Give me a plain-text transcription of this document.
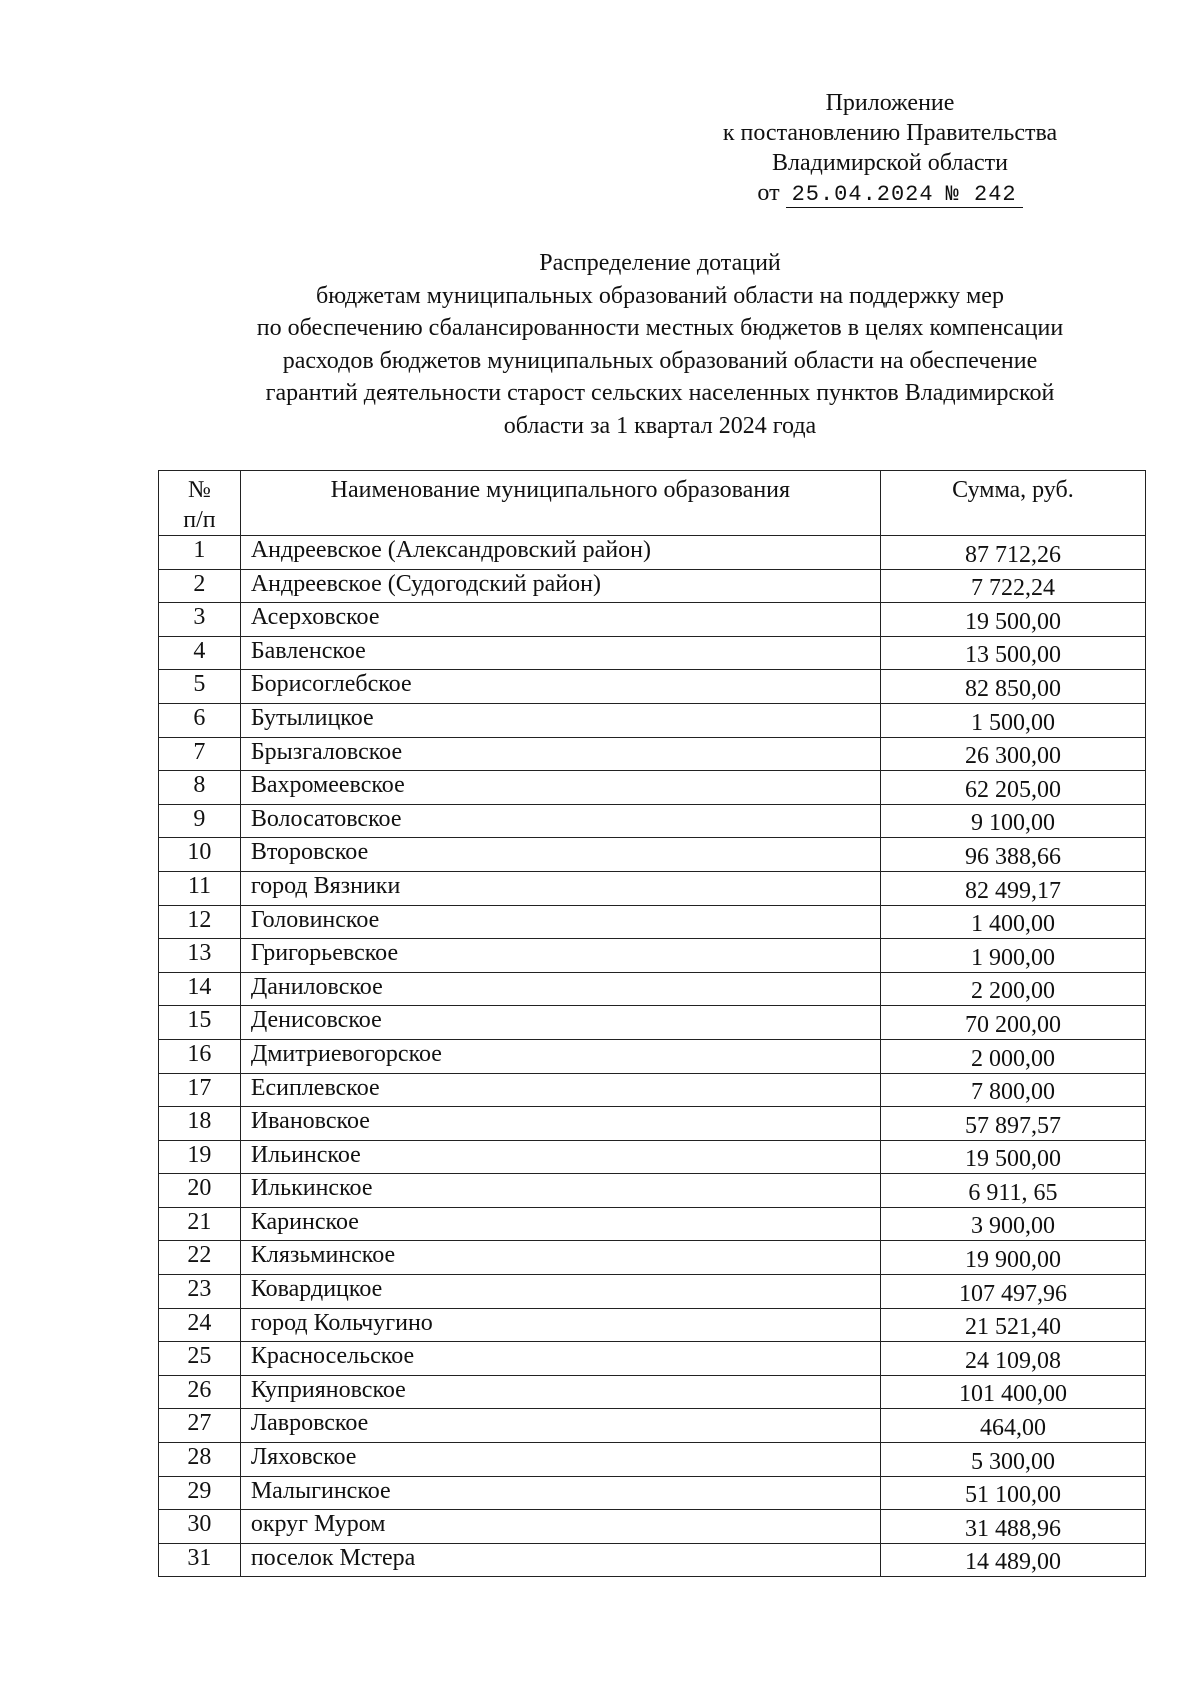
Приложение
к постановлению Правительства
Владимирской области
от 25.04.2024 № 242
Распределение дотаций
бюджетам муниципальных образований области на поддержку мер
по обеспечению сбалансированности местных бюджетов в целях компенсации
расходов бюджетов муниципальных образований области на обеспечение
гарантий деятельности старост сельских населенных пунктов Владимирской
области за 1 квартал 2024 года
№
п/п	Наименование муниципального образования	Сумма, руб.
1	Андреевское (Александровский район)	87 712,26
2	Андреевское (Судогодский район)	7 722,24
3	Асерховское	19 500,00
4	Бавленское	13 500,00
5	Борисоглебское	82 850,00
6	Бутылицкое	1 500,00
7	Брызгаловское	26 300,00
8	Вахромеевское	62 205,00
9	Волосатовское	9 100,00
10	Второвское	96 388,66
11	город Вязники	82 499,17
12	Головинское	1 400,00
13	Григорьевское	1 900,00
14	Даниловское	2 200,00
15	Денисовское	70 200,00
16	Дмитриевогорское	2 000,00
17	Есиплевское	7 800,00
18	Ивановское	57 897,57
19	Ильинское	19 500,00
20	Илькинское	6 911, 65
21	Каринское	3 900,00
22	Клязьминское	19 900,00
23	Ковардицкое	107 497,96
24	город Кольчугино	21 521,40
25	Красносельское	24 109,08
26	Куприяновское	101 400,00
27	Лавровское	464,00
28	Ляховское	5 300,00
29	Малыгинское	51 100,00
30	округ Муром	31 488,96
31	поселок Мстера	14 489,00
